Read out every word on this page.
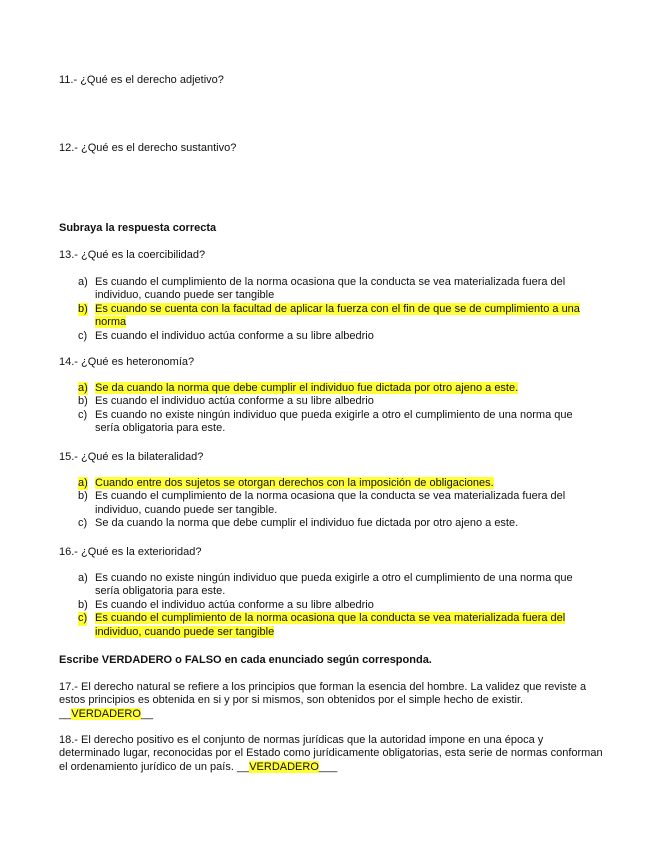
11.- ¿Qué es el derecho adjetivo?

12.- ¿Qué es el derecho sustantivo?

Subraya la respuesta correcta

13.- ¿Qué es la coercibilidad?

a) Es cuando el cumplimiento de la norma ocasiona que la conducta se vea materializada fuera del individuo, cuando puede ser tangible
b) Es cuando se cuenta con la facultad de aplicar la fuerza con el fin de que se de cumplimiento a una norma
c) Es cuando el individuo actúa conforme a su libre albedrio

14.- ¿Qué es heteronomía?

a) Se da cuando la norma que debe cumplir el individuo fue dictada por otro ajeno a este.
b) Es cuando el individuo actúa conforme a su libre albedrio
c) Es cuando no existe ningún individuo que pueda exigirle a otro el cumplimiento de una norma que sería obligatoria para este.

15.- ¿Qué es la bilateralidad?

a) Cuando entre dos sujetos se otorgan derechos con la imposición de obligaciones.
b) Es cuando el cumplimiento de la norma ocasiona que la conducta se vea materializada fuera del individuo, cuando puede ser tangible.
c) Se da cuando la norma que debe cumplir el individuo fue dictada por otro ajeno a este.

16.- ¿Qué es la exterioridad?

a) Es cuando no existe ningún individuo que pueda exigirle a otro el cumplimiento de una norma que sería obligatoria para este.
b) Es cuando el individuo actúa conforme a su libre albedrio
c) Es cuando el cumplimiento de la norma ocasiona que la conducta se vea materializada fuera del individuo, cuando puede ser tangible

Escribe VERDADERO o FALSO en cada enunciado según corresponda.

17.- El derecho natural se refiere a los principios que forman la esencia del hombre. La validez que reviste a estos principios es obtenida en si y por si mismos, son obtenidos por el simple hecho de existir.
__VERDADERO__

18.- El derecho positivo es el conjunto de normas jurídicas que la autoridad impone en una época y determinado lugar, reconocidas por el Estado como jurídicamente obligatorias, esta serie de normas conforman el ordenamiento jurídico de un país. __VERDADERO___
